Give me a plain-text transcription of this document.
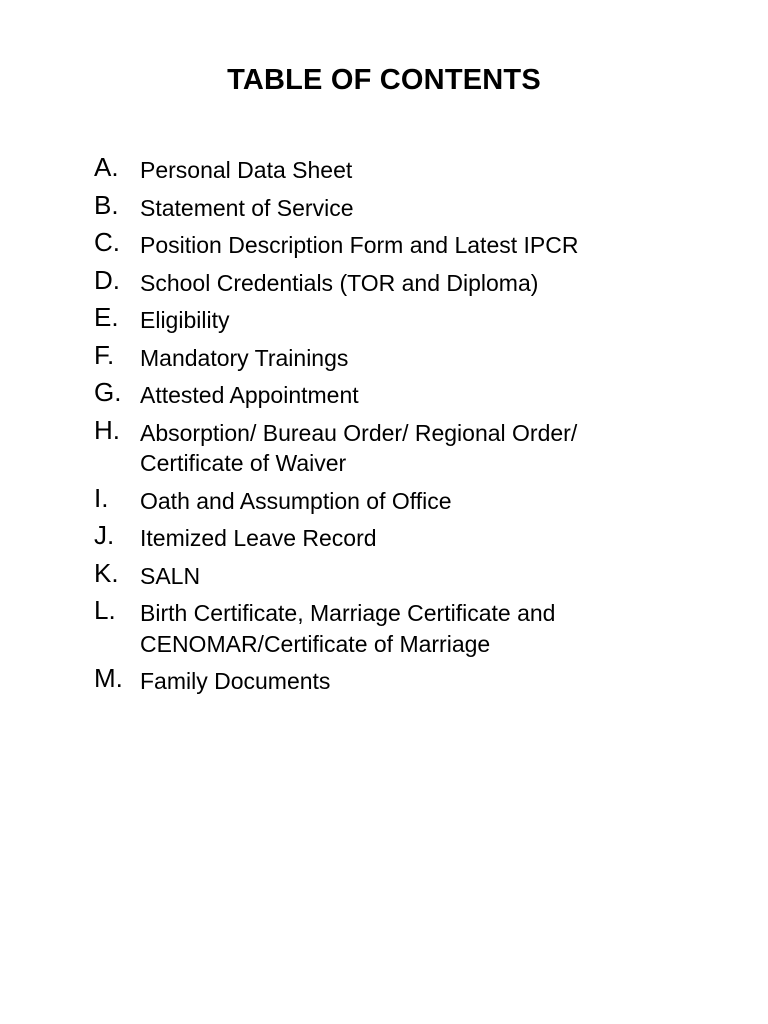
TABLE OF CONTENTS
A. Personal Data Sheet
B. Statement of Service
C. Position Description Form and Latest IPCR
D. School Credentials (TOR and Diploma)
E. Eligibility
F.	Mandatory Trainings
G. Attested Appointment
H. Absorption/ Bureau Order/ Regional Order/
Certificate of Waiver
I.	Oath and Assumption of Office
J.	Itemized Leave Record
K. SALN
L.	Birth Certificate, Marriage Certificate and
CENOMAR/Certificate of Marriage
M. Family Documents
